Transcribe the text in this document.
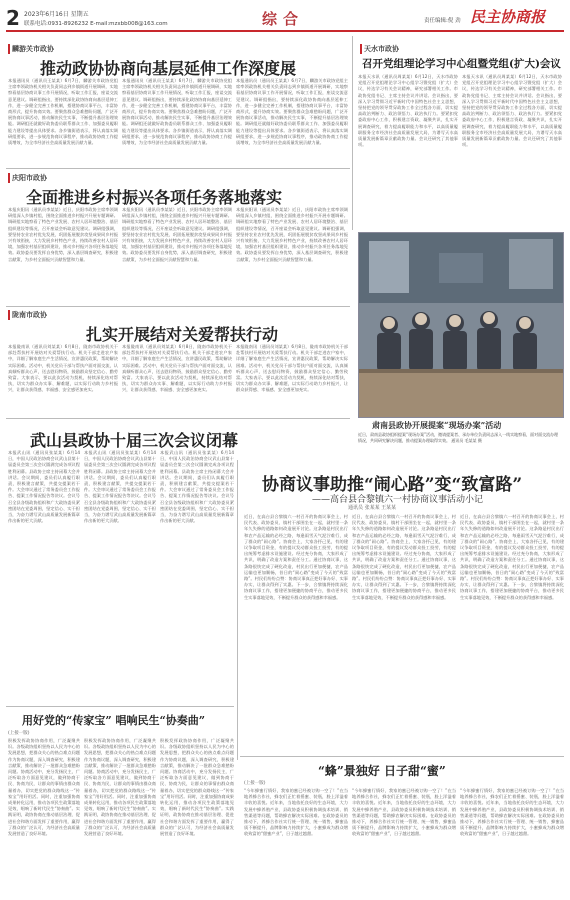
2 2023年6月16日 星期五
联系电话:0931-8926232 E-mail:mzxbb008@163.com	综合	责任编辑:倪 劲 民主协商报
麟游关市政协
推动政协协商向基层延伸工作深度展
本报通讯员（通讯员王某某）6月7日，麟游关市政协党组主席率领政协机关相关负责同志到乡镇街道开展调研，实地察看基层协商议事工作开展情况，听取工作汇报，座谈交流意见建议。调研组指出，要持续深化政协协商向基层延伸工作，进一步健全完善工作机制，搭建协商议事平台，丰富协商形式，提升协商实效。要聚焦群众急难愁盼问题，广泛开展协商议事活动，推动解决民生实事，不断提升基层治理效能。调研组还就做好政协委员联系群众工作、加强委员履职能力建设等提出具体要求。各乡镇街道表示，将认真落实调研组要求，进一步规范协商议事程序，推动政协协商工作提质增效，为全市经济社会高质量发展贡献力量。
本报通讯员（通讯员王某某）6月7日，麟游关市政协党组主席率领政协机关相关负责同志到乡镇街道开展调研，实地察看基层协商议事工作开展情况，听取工作汇报，座谈交流意见建议。调研组指出，要持续深化政协协商向基层延伸工作，进一步健全完善工作机制，搭建协商议事平台，丰富协商形式，提升协商实效。要聚焦群众急难愁盼问题，广泛开展协商议事活动，推动解决民生实事，不断提升基层治理效能。调研组还就做好政协委员联系群众工作、加强委员履职能力建设等提出具体要求。各乡镇街道表示，将认真落实调研组要求，进一步规范协商议事程序，推动政协协商工作提质增效，为全市经济社会高质量发展贡献力量。
本报通讯员（通讯员王某某）6月7日，麟游关市政协党组主席率领政协机关相关负责同志到乡镇街道开展调研，实地察看基层协商议事工作开展情况，听取工作汇报，座谈交流意见建议。调研组指出，要持续深化政协协商向基层延伸工作，进一步健全完善工作机制，搭建协商议事平台，丰富协商形式，提升协商实效。要聚焦群众急难愁盼问题，广泛开展协商议事活动，推动解决民生实事，不断提升基层治理效能。调研组还就做好政协委员联系群众工作、加强委员履职能力建设等提出具体要求。各乡镇街道表示，将认真落实调研组要求，进一步规范协商议事程序，推动政协协商工作提质增效，为全市经济社会高质量发展贡献力量。
天水市政协
召开党组理论学习中心组暨党组(扩大)会议
本报天水讯（通讯员周某某）6月12日，天水市政协党组召开党组理论学习中心组学习暨党组（扩大）会议，传达学习有关会议精神，研究部署相关工作。市政协党组书记、主席主持会议并讲话。会议指出，要深入学习贯彻习近平新时代中国特色社会主义思想，坚持把党的领导贯穿政协工作全过程各方面，切实提高政治判断力、政治领悟力、政治执行力。要紧扣党委政府中心工作，积极建言资政、凝聚共识，扎实开展调查研究，着力提高履职能力和水平，以高质量履职服务全市经济社会高质量发展大局，为谱写天水高质量发展新篇章贡献政协力量。会议还研究了其他事项。
本报天水讯（通讯员周某某）6月12日，天水市政协党组召开党组理论学习中心组学习暨党组（扩大）会议，传达学习有关会议精神，研究部署相关工作。市政协党组书记、主席主持会议并讲话。会议指出，要深入学习贯彻习近平新时代中国特色社会主义思想，坚持把党的领导贯穿政协工作全过程各方面，切实提高政治判断力、政治领悟力、政治执行力。要紧扣党委政府中心工作，积极建言资政、凝聚共识，扎实开展调查研究，着力提高履职能力和水平，以高质量履职服务全市经济社会高质量发展大局，为谱写天水高质量发展新篇章贡献政协力量。会议还研究了其他事项。
庆阳市政协
全面推进乡村振兴各项任务落地落实
本报庆阳讯（通讯员李某某）近日，庆阳市政协主席率领调研组深入乡镇村组，围绕全面推进乡村振兴开展专题调研。调研组实地察看了特色产业发展、农村人居环境整治、基层组织建设等情况，召开座谈会听取意见建议。调研组强调，要坚持农业农村优先发展，巩固拓展脱贫攻坚成果同乡村振兴有效衔接，大力发展乡村特色产业，持续改善农村人居环境，加强农村基层组织建设，推动乡村振兴各项任务落地见效。政协委员要发挥自身优势，深入基层调查研究，积极建言献策，为乡村全面振兴贡献智慧和力量。
本报庆阳讯（通讯员李某某）近日，庆阳市政协主席率领调研组深入乡镇村组，围绕全面推进乡村振兴开展专题调研。调研组实地察看了特色产业发展、农村人居环境整治、基层组织建设等情况，召开座谈会听取意见建议。调研组强调，要坚持农业农村优先发展，巩固拓展脱贫攻坚成果同乡村振兴有效衔接，大力发展乡村特色产业，持续改善农村人居环境，加强农村基层组织建设，推动乡村振兴各项任务落地见效。政协委员要发挥自身优势，深入基层调查研究，积极建言献策，为乡村全面振兴贡献智慧和力量。
本报庆阳讯（通讯员李某某）近日，庆阳市政协主席率领调研组深入乡镇村组，围绕全面推进乡村振兴开展专题调研。调研组实地察看了特色产业发展、农村人居环境整治、基层组织建设等情况，召开座谈会听取意见建议。调研组强调，要坚持农业农村优先发展，巩固拓展脱贫攻坚成果同乡村振兴有效衔接，大力发展乡村特色产业，持续改善农村人居环境，加强农村基层组织建设，推动乡村振兴各项任务落地见效。政协委员要发挥自身优势，深入基层调查研究，积极建言献策，为乡村全面振兴贡献智慧和力量。
陇南市政协
扎实开展结对关爱帮扶行动
本报陇南讯（通讯员刘某某）6月8日，陇南市政协机关干部赴帮扶村开展结对关爱帮扶行动。机关干部走进农户家中，详细了解家庭生产生活情况，宣讲惠民政策，帮助解决实际困难。活动中，机关党员干部与帮扶户面对面交流，认真倾听群众心声，送去慰问物资，鼓励群众坚定信心、勤劳致富。大家表示，要以此次活动为契机，持续深化结对帮扶，切实为群众办实事、解难题，以实际行动助力乡村振兴，让群众获得感、幸福感、安全感更加充实。
本报陇南讯（通讯员刘某某）6月8日，陇南市政协机关干部赴帮扶村开展结对关爱帮扶行动。机关干部走进农户家中，详细了解家庭生产生活情况，宣讲惠民政策，帮助解决实际困难。活动中，机关党员干部与帮扶户面对面交流，认真倾听群众心声，送去慰问物资，鼓励群众坚定信心、勤劳致富。大家表示，要以此次活动为契机，持续深化结对帮扶，切实为群众办实事、解难题，以实际行动助力乡村振兴，让群众获得感、幸福感、安全感更加充实。
本报陇南讯（通讯员刘某某）6月8日，陇南市政协机关干部赴帮扶村开展结对关爱帮扶行动。机关干部走进农户家中，详细了解家庭生产生活情况，宣讲惠民政策，帮助解决实际困难。活动中，机关党员干部与帮扶户面对面交流，认真倾听群众心声，送去慰问物资，鼓励群众坚定信心、勤劳致富。大家表示，要以此次活动为契机，持续深化结对帮扶，切实为群众办实事、解难题，以实际行动助力乡村振兴，让群众获得感、幸福感、安全感更加充实。
肃南县政协开展提案“现场办案”活动
近日，肃南县政协组织提案“现场办案”活动，邀请提案者、承办单位负责同志深入一线实地察看，面对面交流办理情况，共同研究解决问题，推动提案办理取得实效。 通讯员 毛某某 摄
武山县政协十届三次会议闭幕
本报武山讯（通讯员张某某）6月14日，中国人民政治协商会议武山县第十届委员会第三次会议圆满完成各项议程胜利闭幕。县政协主席主持闭幕大会并讲话。会议期间，委员们认真履行职责，积极建言献策，共提交提案若干件。大会审议通过了常务委员会工作报告、提案工作情况报告等决议。会议号召全县各级政协组织和广大政协委员紧密团结在党委周围，坚定信心、实干担当，为奋力谱写武山高质量发展新篇章作出新的更大贡献。
本报武山讯（通讯员张某某）6月14日，中国人民政治协商会议武山县第十届委员会第三次会议圆满完成各项议程胜利闭幕。县政协主席主持闭幕大会并讲话。会议期间，委员们认真履行职责，积极建言献策，共提交提案若干件。大会审议通过了常务委员会工作报告、提案工作情况报告等决议。会议号召全县各级政协组织和广大政协委员紧密团结在党委周围，坚定信心、实干担当，为奋力谱写武山高质量发展新篇章作出新的更大贡献。
本报武山讯（通讯员张某某）6月14日，中国人民政治协商会议武山县第十届委员会第三次会议圆满完成各项议程胜利闭幕。县政协主席主持闭幕大会并讲话。会议期间，委员们认真履行职责，积极建言献策，共提交提案若干件。大会审议通过了常务委员会工作报告、提案工作情况报告等决议。会议号召全县各级政协组织和广大政协委员紧密团结在党委周围，坚定信心、实干担当，为奋力谱写武山高质量发展新篇章作出新的更大贡献。
协商议事助推“闹心路”变“致富路”
——高台县合黎镇六一村协商议事活动小记
通讯员 张某某 王某某
近日，在高台县合黎镇六一村召开的协商议事会上，村民代表、政协委员、镇村干部围坐在一起，就村里一条年久失修的道路如何改造展开讨论。这条路是村民出行和农产品运输的必经之路，每逢雨雪天气泥泞难行，成了群众的“闹心路”。协商会上，大家各抒己见，有的建议争取项目资金，有的提议发动群众投工投劳，有的提出统筹考虑排水设施建设。经过充分协商，大家形成了共识，明确了改造方案和责任分工。通过协商议事，这条路很快完成了硬化改造，村民出行更加便捷，农产品运输也更加顺畅，昔日的“闹心路”变成了今天的“致富路”。村民们纷纷点赞：协商议事真正把好事办好、实事办实，让群众得到了实惠。下一步，合黎镇将持续深化协商议事工作，搭建更加便捷的协商平台，推动更多民生实事落地见效，不断提升群众的获得感和幸福感。
近日，在高台县合黎镇六一村召开的协商议事会上，村民代表、政协委员、镇村干部围坐在一起，就村里一条年久失修的道路如何改造展开讨论。这条路是村民出行和农产品运输的必经之路，每逢雨雪天气泥泞难行，成了群众的“闹心路”。协商会上，大家各抒己见，有的建议争取项目资金，有的提议发动群众投工投劳，有的提出统筹考虑排水设施建设。经过充分协商，大家形成了共识，明确了改造方案和责任分工。通过协商议事，这条路很快完成了硬化改造，村民出行更加便捷，农产品运输也更加顺畅，昔日的“闹心路”变成了今天的“致富路”。村民们纷纷点赞：协商议事真正把好事办好、实事办实，让群众得到了实惠。下一步，合黎镇将持续深化协商议事工作，搭建更加便捷的协商平台，推动更多民生实事落地见效，不断提升群众的获得感和幸福感。
近日，在高台县合黎镇六一村召开的协商议事会上，村民代表、政协委员、镇村干部围坐在一起，就村里一条年久失修的道路如何改造展开讨论。这条路是村民出行和农产品运输的必经之路，每逢雨雪天气泥泞难行，成了群众的“闹心路”。协商会上，大家各抒己见，有的建议争取项目资金，有的提议发动群众投工投劳，有的提出统筹考虑排水设施建设。经过充分协商，大家形成了共识，明确了改造方案和责任分工。通过协商议事，这条路很快完成了硬化改造，村民出行更加便捷，农产品运输也更加顺畅，昔日的“闹心路”变成了今天的“致富路”。村民们纷纷点赞：协商议事真正把好事办好、实事办实，让群众得到了实惠。下一步，合黎镇将持续深化协商议事工作，搭建更加便捷的协商平台，推动更多民生实事落地见效，不断提升群众的获得感和幸福感。
用好党的“传家宝” 唱响民生“协奏曲”
(上接一版)
积极发挥政协协商作用，广泛凝聚共识。各级政协组织坚持以人民为中心的发展思想，把群众关心的热点难点问题作为协商议题，深入调查研究，积极建言献策，推动解决了一批群众急难愁盼问题。协商活动中，充分发扬民主，广泛听取各方面意见建议，做到协商于民、协商为民，让群众的事情由群众商量着办，切实把党的群众路线这一“传家宝”用好用活。同时，注重加强协商成果转化运用，推动各项民生政策落地见效，唱响了新时代民生“协奏曲”。实践证明，政协协商在推动基层治理、促进社会和谐方面发挥了重要作用，赢得了群众的广泛认可，为经济社会高质量发展营造了良好环境。
积极发挥政协协商作用，广泛凝聚共识。各级政协组织坚持以人民为中心的发展思想，把群众关心的热点难点问题作为协商议题，深入调查研究，积极建言献策，推动解决了一批群众急难愁盼问题。协商活动中，充分发扬民主，广泛听取各方面意见建议，做到协商于民、协商为民，让群众的事情由群众商量着办，切实把党的群众路线这一“传家宝”用好用活。同时，注重加强协商成果转化运用，推动各项民生政策落地见效，唱响了新时代民生“协奏曲”。实践证明，政协协商在推动基层治理、促进社会和谐方面发挥了重要作用，赢得了群众的广泛认可，为经济社会高质量发展营造了良好环境。
积极发挥政协协商作用，广泛凝聚共识。各级政协组织坚持以人民为中心的发展思想，把群众关心的热点难点问题作为协商议题，深入调查研究，积极建言献策，推动解决了一批群众急难愁盼问题。协商活动中，充分发扬民主，广泛听取各方面意见建议，做到协商于民、协商为民，让群众的事情由群众商量着办，切实把党的群众路线这一“传家宝”用好用活。同时，注重加强协商成果转化运用，推动各项民生政策落地见效，唱响了新时代民生“协奏曲”。实践证明，政协协商在推动基层治理、促进社会和谐方面发挥了重要作用，赢得了群众的广泛认可，为经济社会高质量发展营造了良好环境。
“蜂”景独好 日子甜“蜜”
(上接一版)
“今年蜂蜜行情好，我家的蜜已经被订购一空了！”在当地养蜂合作社，蜂农们正忙着摇蜜、装瓶，脸上洋溢着丰收的喜悦。近年来，当地依托良好的生态环境，大力发展中蜂养殖产业，县政协委员积极协调技术培训、销售渠道等问题，帮助蜂农解决实际困难。在政协委员的推动下，养蜂合作社实行统一管理、统一销售，蜂蜜品质不断提升，品牌影响力持续扩大，小蜜蜂成为群众增收致富的“甜蜜产业”，日子越过越甜。
“今年蜂蜜行情好，我家的蜜已经被订购一空了！”在当地养蜂合作社，蜂农们正忙着摇蜜、装瓶，脸上洋溢着丰收的喜悦。近年来，当地依托良好的生态环境，大力发展中蜂养殖产业，县政协委员积极协调技术培训、销售渠道等问题，帮助蜂农解决实际困难。在政协委员的推动下，养蜂合作社实行统一管理、统一销售，蜂蜜品质不断提升，品牌影响力持续扩大，小蜜蜂成为群众增收致富的“甜蜜产业”，日子越过越甜。
“今年蜂蜜行情好，我家的蜜已经被订购一空了！”在当地养蜂合作社，蜂农们正忙着摇蜜、装瓶，脸上洋溢着丰收的喜悦。近年来，当地依托良好的生态环境，大力发展中蜂养殖产业，县政协委员积极协调技术培训、销售渠道等问题，帮助蜂农解决实际困难。在政协委员的推动下，养蜂合作社实行统一管理、统一销售，蜂蜜品质不断提升，品牌影响力持续扩大，小蜜蜂成为群众增收致富的“甜蜜产业”，日子越过越甜。
